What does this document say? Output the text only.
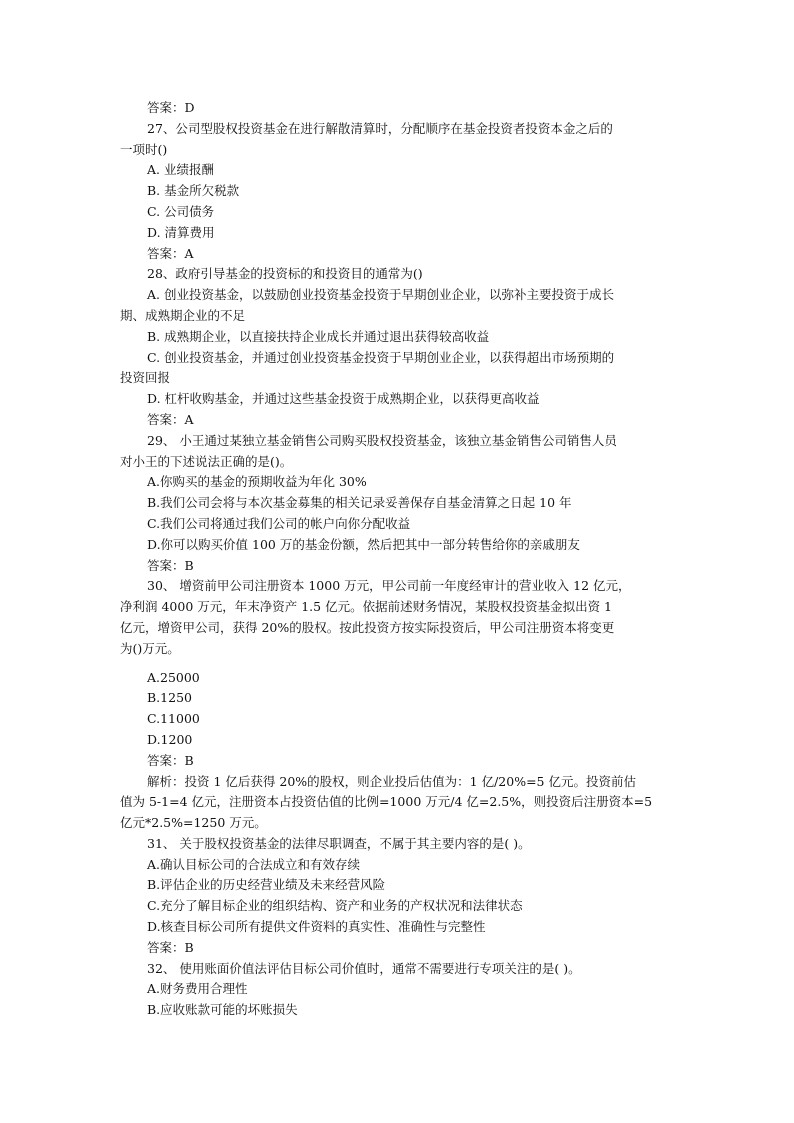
答案：D
27、公司型股权投资基金在进行解散清算时，分配顺序在基金投资者投资本金之后的
一项时()
A. 业绩报酬
B. 基金所欠税款
C. 公司债务
D. 清算费用
答案：A
28、政府引导基金的投资标的和投资目的通常为()
A. 创业投资基金，以鼓励创业投资基金投资于早期创业企业，以弥补主要投资于成长
期、成熟期企业的不足
B. 成熟期企业，以直接扶持企业成长并通过退出获得较高收益
C. 创业投资基金，并通过创业投资基金投资于早期创业企业，以获得超出市场预期的
投资回报
D. 杠杆收购基金，并通过这些基金投资于成熟期企业，以获得更高收益
答案：A
29、 小王通过某独立基金销售公司购买股权投资基金，该独立基金销售公司销售人员
对小王的下述说法正确的是()。
A.你购买的基金的预期收益为年化 30%
B.我们公司会将与本次基金募集的相关记录妥善保存自基金清算之日起 10 年
C.我们公司将通过我们公司的帐户向你分配收益
D.你可以购买价值 100 万的基金份额，然后把其中一部分转售给你的亲戚朋友
答案：B
30、 增资前甲公司注册资本 1000 万元，甲公司前一年度经审计的营业收入 12 亿元，
净利润 4000 万元，年末净资产 1.5 亿元。依据前述财务情况，某股权投资基金拟出资 1
亿元，增资甲公司，获得 20%的股权。按此投资方按实际投资后，甲公司注册资本将变更
为()万元。
A.25000
B.1250
C.11000
D.1200
答案：B
解析：投资 1 亿后获得 20%的股权，则企业投后估值为：1 亿/20%=5 亿元。投资前估
值为 5-1=4 亿元，注册资本占投资估值的比例=1000 万元/4 亿=2.5%，则投资后注册资本=5
亿元*2.5%=1250 万元。
31、 关于股权投资基金的法律尽职调查，不属于其主要内容的是( )。
A.确认目标公司的合法成立和有效存续
B.评估企业的历史经营业绩及未来经营风险
C.充分了解目标企业的组织结构、资产和业务的产权状况和法律状态
D.核查目标公司所有提供文件资料的真实性、准确性与完整性
答案：B
32、 使用账面价值法评估目标公司价值时，通常不需要进行专项关注的是( )。
A.财务费用合理性
B.应收账款可能的坏账损失
